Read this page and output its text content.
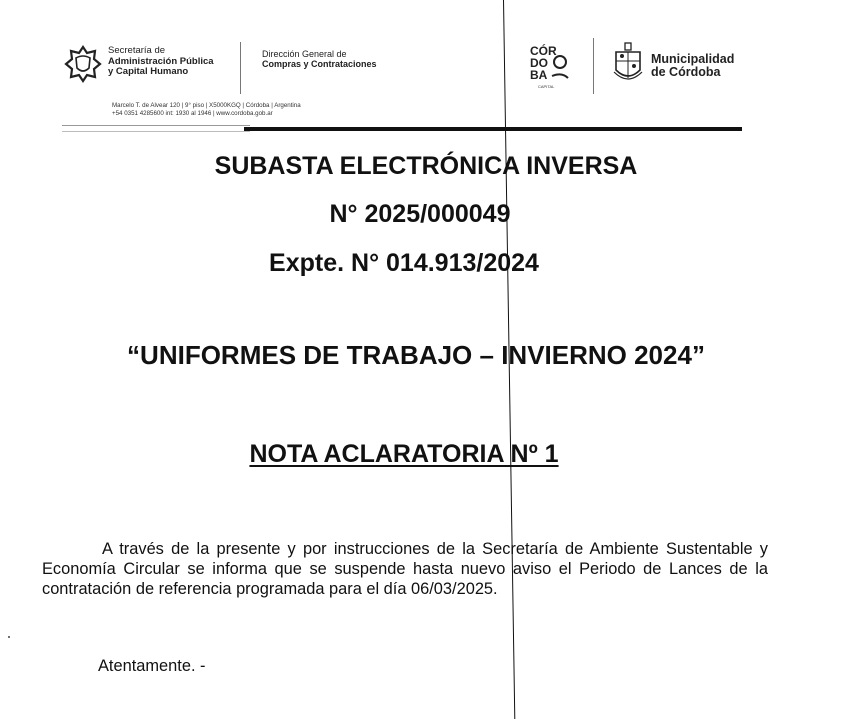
Secretaría de
Administración Pública
y Capital Humano
Dirección General de
Compras y Contrataciones
Marcelo T. de Alvear 120 | 9° piso | X5000KGQ | Córdoba | Argentina
+54 0351 4285600 int: 1930 al 1946 | www.cordoba.gob.ar
CÓR
DO
BA
CAPITAL
Municipalidad
de Córdoba
SUBASTA ELECTRÓNICA INVERSA
N° 2025/000049
Expte. N° 014.913/2024
“UNIFORMES DE TRABAJO – INVIERNO 2024”
NOTA ACLARATORIA Nº 1
A través de la presente y por instrucciones de la Secretaría de Ambiente Sustentable y Economía Circular se informa que se suspende hasta nuevo aviso el Periodo de Lances de la contratación de referencia programada para el día 06/03/2025.
Atentamente. -
